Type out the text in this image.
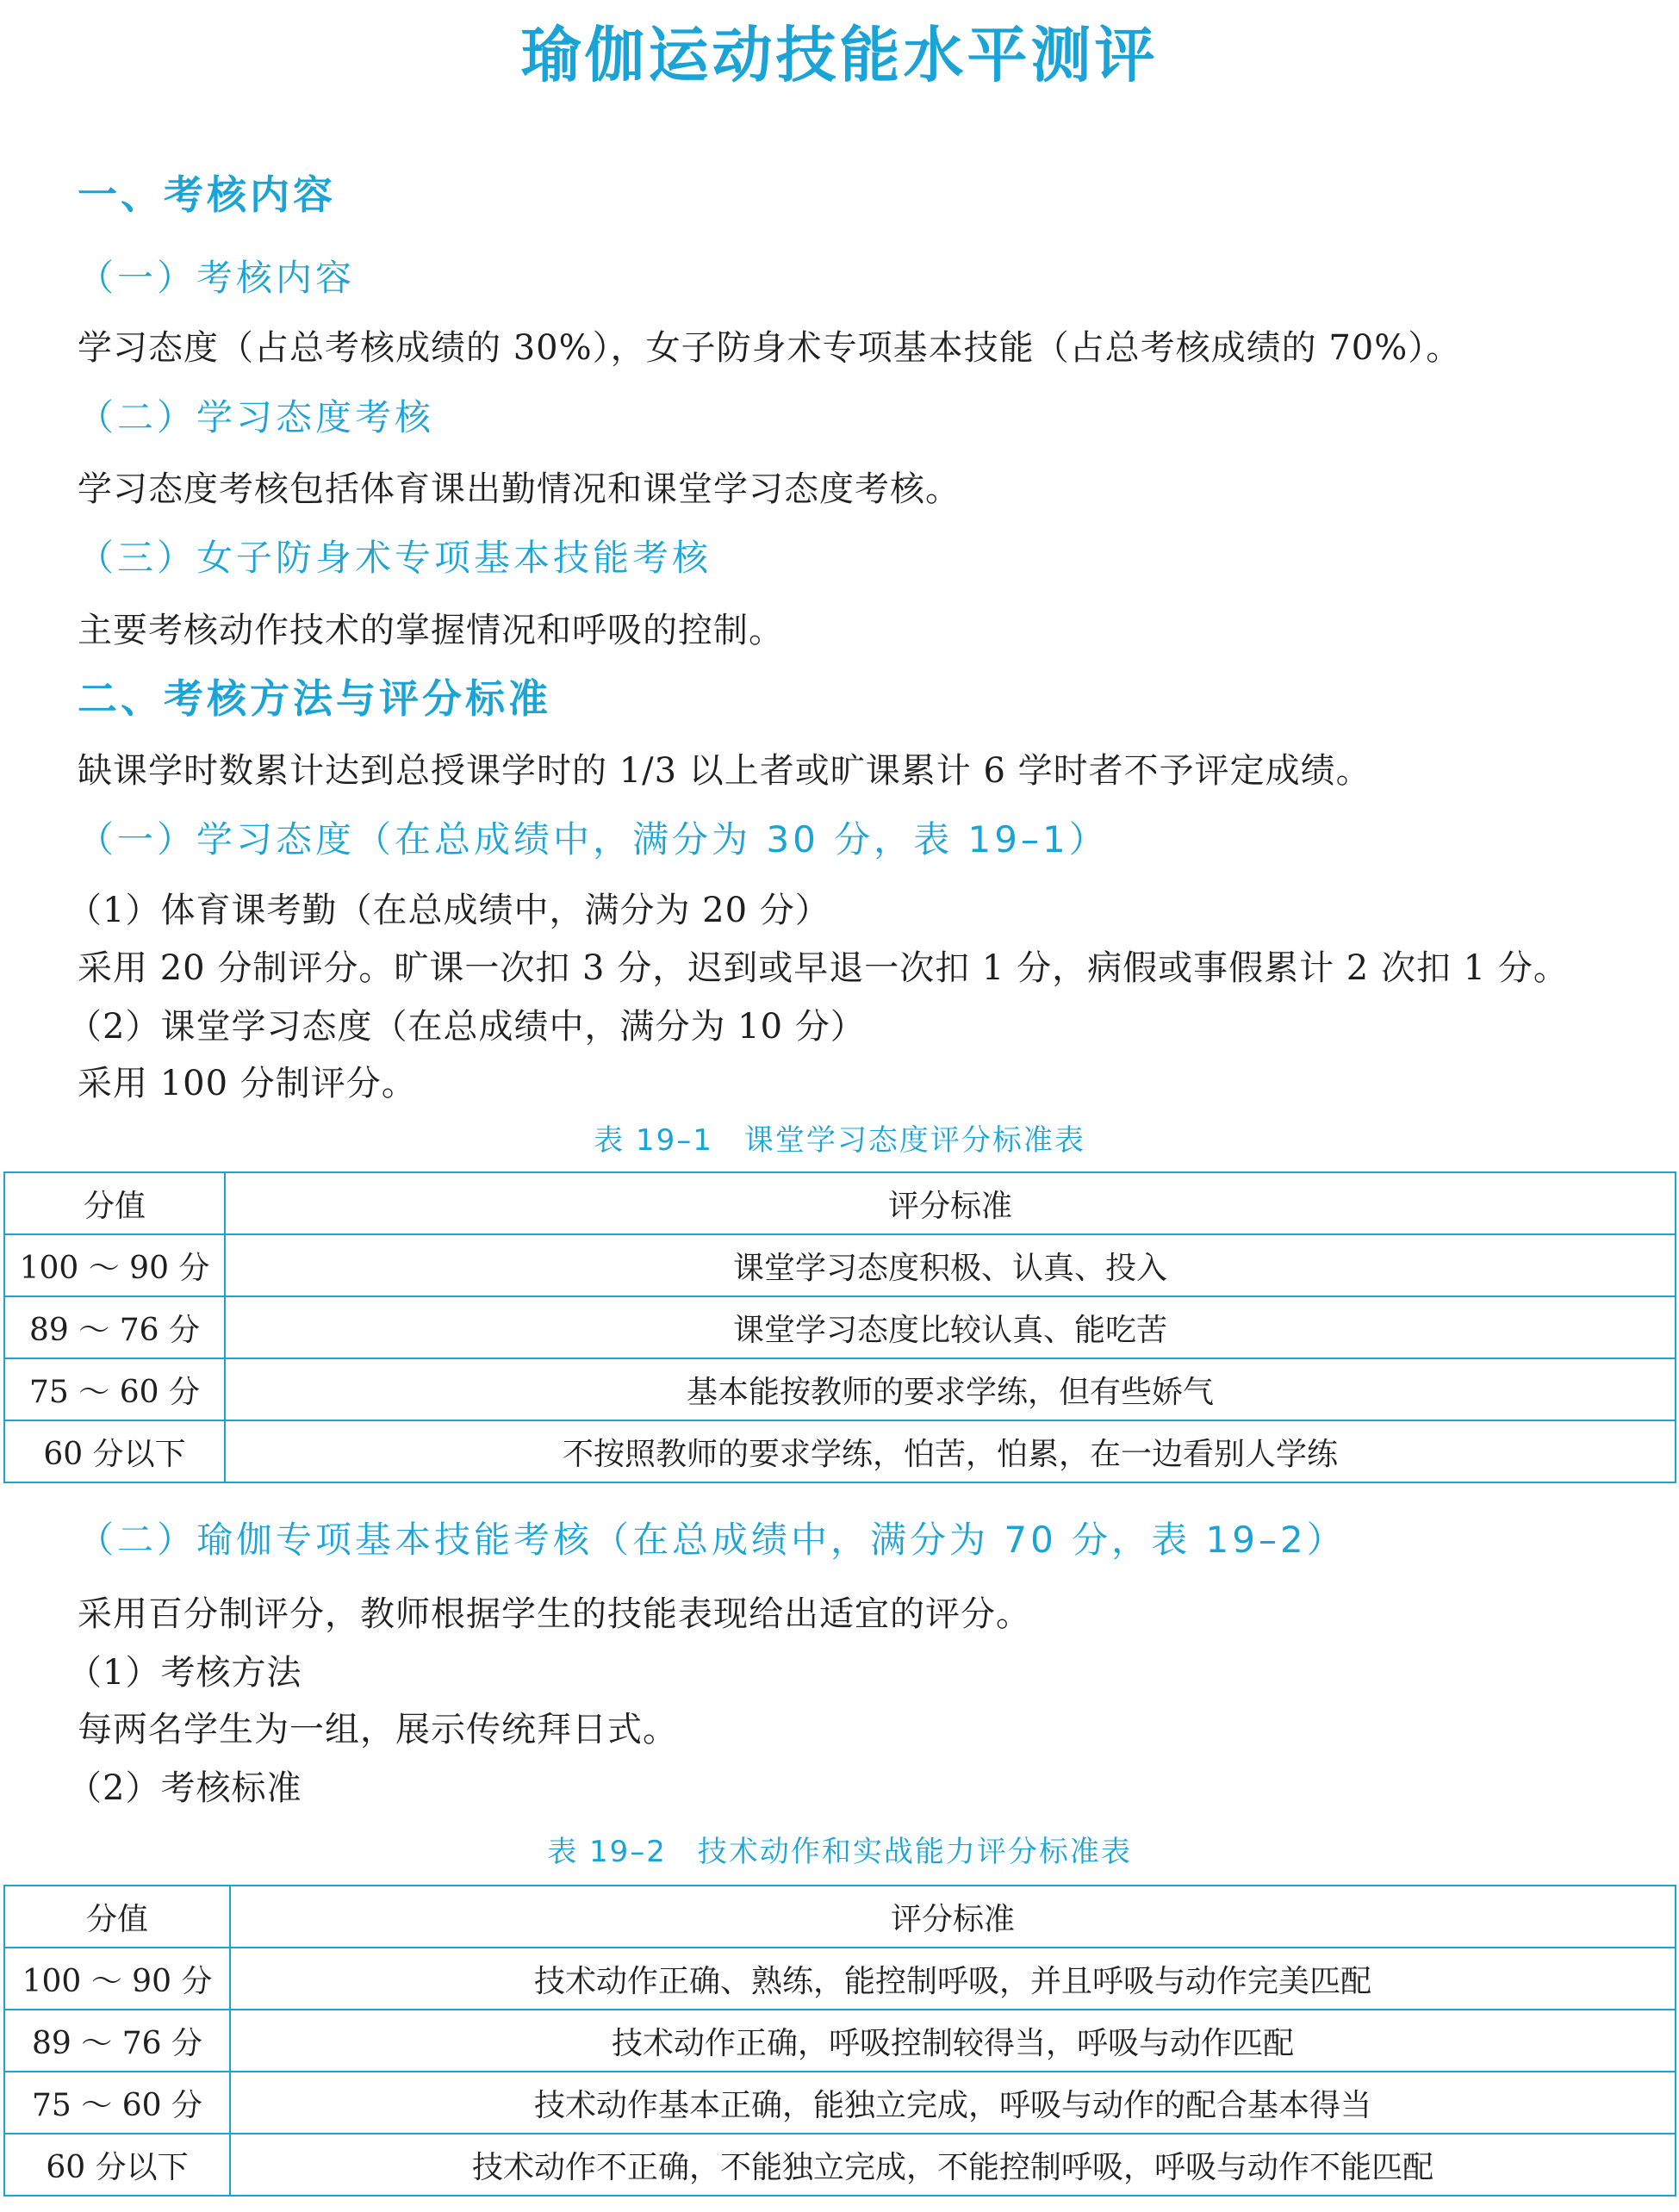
瑜伽运动技能水平测评
一、考核内容
（一）考核内容
学习态度（占总考核成绩的 30%），女子防身术专项基本技能（占总考核成绩的 70%）。
（二）学习态度考核
学习态度考核包括体育课出勤情况和课堂学习态度考核。
（三）女子防身术专项基本技能考核
主要考核动作技术的掌握情况和呼吸的控制。
二、考核方法与评分标准
缺课学时数累计达到总授课学时的 1/3 以上者或旷课累计 6 学时者不予评定成绩。
（一）学习态度（在总成绩中，满分为 30 分，表 19–1）
（1）体育课考勤（在总成绩中，满分为 20 分）
采用 20 分制评分。旷课一次扣 3 分，迟到或早退一次扣 1 分，病假或事假累计 2 次扣 1 分。
（2）课堂学习态度（在总成绩中，满分为 10 分）
采用 100 分制评分。
表 19–1　课堂学习态度评分标准表
分值	评分标准
100 ～ 90 分	课堂学习态度积极、认真、投入
89 ～ 76 分	课堂学习态度比较认真、能吃苦
75 ～ 60 分	基本能按教师的要求学练，但有些娇气
60 分以下	不按照教师的要求学练，怕苦，怕累，在一边看别人学练
（二）瑜伽专项基本技能考核（在总成绩中，满分为 70 分，表 19–2）
采用百分制评分，教师根据学生的技能表现给出适宜的评分。
（1）考核方法
每两名学生为一组，展示传统拜日式。
（2）考核标准
表 19–2　技术动作和实战能力评分标准表
分值	评分标准
100 ～ 90 分	技术动作正确、熟练，能控制呼吸，并且呼吸与动作完美匹配
89 ～ 76 分	技术动作正确，呼吸控制较得当，呼吸与动作匹配
75 ～ 60 分	技术动作基本正确，能独立完成，呼吸与动作的配合基本得当
60 分以下	技术动作不正确，不能独立完成，不能控制呼吸，呼吸与动作不能匹配
